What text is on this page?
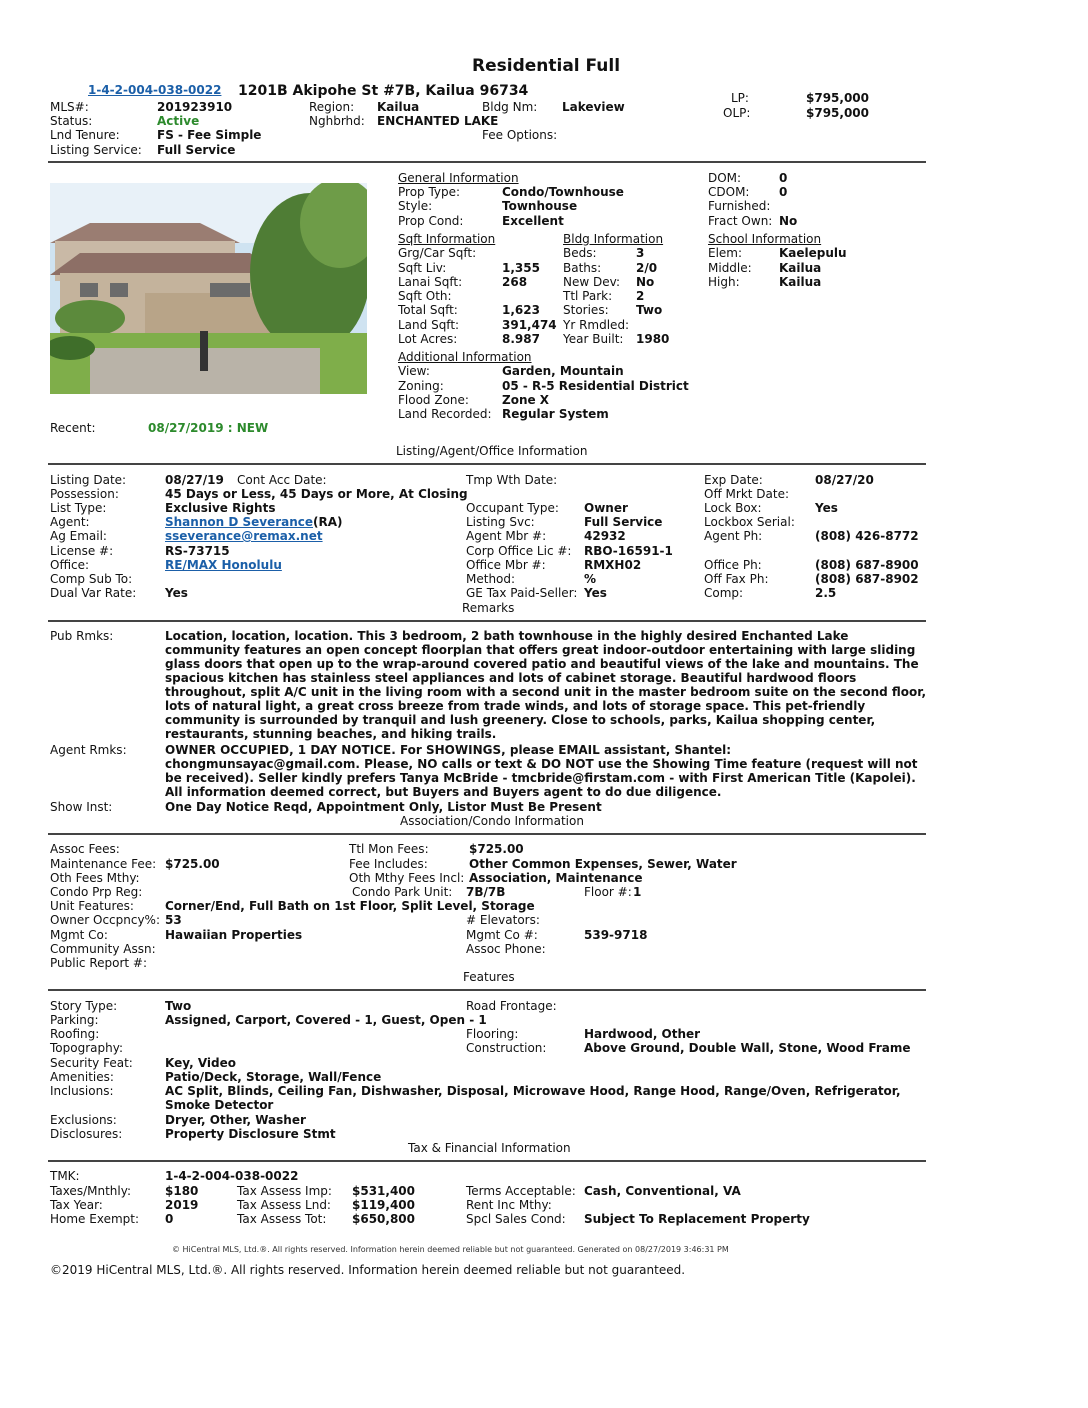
Residential Full
1-4-2-004-038-0022 1201B Akipohe St #7B, Kailua 96734
MLS#:	201923910	Region: Kailua	Bldg Nm: Lakeview
LP:	$795,000
OLP:	$795,000
Status:	Active	Nghbrhd: ENCHANTED LAKE
Lnd Tenure:	FS - Fee Simple	Fee Options:
Listing Service: Full Service
General Information
Prop Type:	Condo/Townhouse
Style:	Townhouse
Prop Cond:	Excellent
DOM:	0
CDOM: 0
Furnished:
Fract Own: No
Sqft Information	Bldg Information	School Information
Grg/Car Sqft:	Beds:	3	Elem:	Kaelepulu
Sqft Liv:	1,355 Baths:	2/0	Middle: Kailua
Lanai Sqft:	268	New Dev: No	High:	Kailua
Sqft Oth:	Ttl Park: 2
Total Sqft:	1,623 Stories: Two
Land Sqft:	391,474 Yr Rmdled:
Lot Acres:	8.987 Year Built: 1980
Additional Information
View:	Garden, Mountain
Zoning:	05 - R-5 Residential District
Flood Zone:	Zone X
Land Recorded: Regular System
Recent:	08/27/2019 : NEW
Listing/Agent/Office Information
Listing Date:	08/27/19 Cont Acc Date:	Tmp Wth Date:	Exp Date:	08/27/20
Possession:	45 Days or Less, 45 Days or More, At Closing	Off Mrkt Date:
List Type:	Exclusive Rights	Occupant Type: Owner	Lock Box:	Yes
Agent:	Shannon D Severance(RA)	Listing Svc:	Full Service	Lockbox Serial:
Ag Email:	sseverance@remax.net	Agent Mbr #:	42932	Agent Ph:	(808) 426-8772
License #:	RS-73715	Corp Office Lic #: RBO-16591-1
Office:	RE/MAX Honolulu	Office Mbr #:	RMXH02	Office Ph:	(808) 687-8900
Comp Sub To:	Method:	%	Off Fax Ph:	(808) 687-8902
Dual Var Rate: Yes	GE Tax Paid-Seller: Yes	Comp:	2.5
Remarks
Pub Rmks:	Location, location, location. This 3 bedroom, 2 bath townhouse in the highly desired Enchanted Lake community features an open concept floorplan that offers great indoor-outdoor entertaining with large sliding glass doors that open up to the wrap-around covered patio and beautiful views of the lake and mountains. The spacious kitchen has stainless steel appliances and lots of cabinet storage. Beautiful hardwood floors throughout, split A/C unit in the living room with a second unit in the master bedroom suite on the second floor, lots of natural light, a great cross breeze from trade winds, and lots of storage space. This pet-friendly community is surrounded by tranquil and lush greenery. Close to schools, parks, Kailua shopping center, restaurants, stunning beaches, and hiking trails.
Agent Rmks:	OWNER OCCUPIED, 1 DAY NOTICE. For SHOWINGS, please EMAIL assistant, Shantel: chongmunsayac@gmail.com. Please, NO calls or text & DO NOT use the Showing Time feature (request will not be received). Seller kindly prefers Tanya McBride - tmcbride@firstam.com - with First American Title (Kapolei). All information deemed correct, but Buyers and Buyers agent to do due diligence.
Show Inst:	One Day Notice Reqd, Appointment Only, Listor Must Be Present
Association/Condo Information
Assoc Fees:	Ttl Mon Fees:	$725.00
Maintenance Fee: $725.00	Fee Includes:	Other Common Expenses, Sewer, Water
Oth Fees Mthy:	Oth Mthy Fees Incl: Association, Maintenance
Condo Prp Reg:	Condo Park Unit: 7B/7B	Floor #: 1
Unit Features:	Corner/End, Full Bath on 1st Floor, Split Level, Storage
Owner Occpncy%: 53	# Elevators:
Mgmt Co:	Hawaiian Properties	Mgmt Co #:	539-9718
Community Assn:	Assoc Phone:
Public Report #:
Features
Story Type:	Two	Road Frontage:
Parking:	Assigned, Carport, Covered - 1, Guest, Open - 1
Roofing:	Flooring:	Hardwood, Other
Topography:	Construction:	Above Ground, Double Wall, Stone, Wood Frame
Security Feat:	Key, Video
Amenities:	Patio/Deck, Storage, Wall/Fence
Inclusions:	AC Split, Blinds, Ceiling Fan, Dishwasher, Disposal, Microwave Hood, Range Hood, Range/Oven, Refrigerator, Smoke Detector
Exclusions:	Dryer, Other, Washer
Disclosures:	Property Disclosure Stmt
Tax & Financial Information
TMK:	1-4-2-004-038-0022
Taxes/Mnthly:	$180	Tax Assess Imp: $531,400	Terms Acceptable: Cash, Conventional, VA
Tax Year:	2019	Tax Assess Lnd: $119,400	Rent Inc Mthy:
Home Exempt: 0	Tax Assess Tot: $650,800	Spcl Sales Cond: Subject To Replacement Property
© HiCentral MLS, Ltd.®. All rights reserved. Information herein deemed reliable but not guaranteed. Generated on 08/27/2019 3:46:31 PM
©2019 HiCentral MLS, Ltd.®. All rights reserved. Information herein deemed reliable but not guaranteed.
